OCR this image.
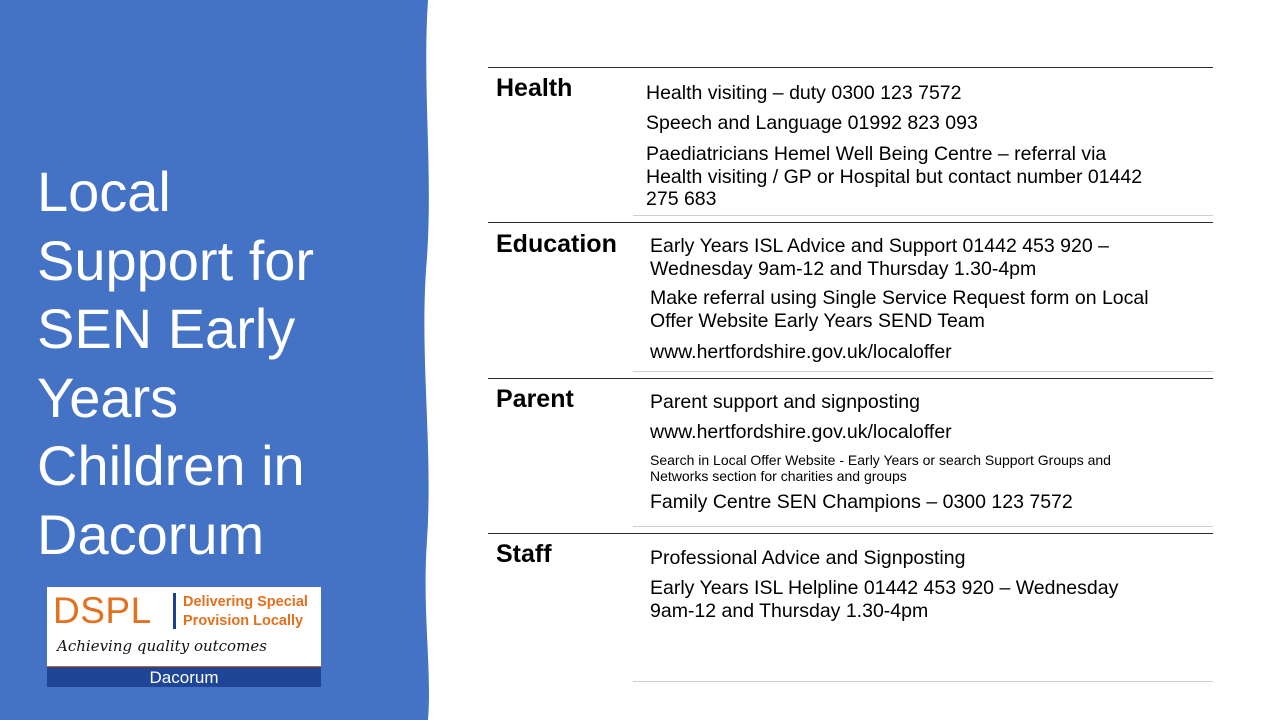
Local
Support for
SEN Early
Years
Children in
Dacorum
DSPL Delivering Special
Provision Locally
Achieving quality outcomes
Dacorum
Health	Health visiting – duty 0300 123 7572
Speech and Language 01992 823 093
Paediatricians Hemel Well Being Centre – referral via
Health visiting / GP or Hospital but contact number 01442
275 683
Education Early Years ISL Advice and Support 01442 453 920 –
Wednesday 9am-12 and Thursday 1.30-4pm
Make referral using Single Service Request form on Local
Offer Website Early Years SEND Team
www.hertfordshire.gov.uk/localoffer
Parent	Parent support and signposting
www.hertfordshire.gov.uk/localoffer
Search in Local Offer Website - Early Years or search Support Groups and
Networks section for charities and groups
Family Centre SEN Champions – 0300 123 7572
Staff	Professional Advice and Signposting
Early Years ISL Helpline 01442 453 920 – Wednesday
9am-12 and Thursday 1.30-4pm
